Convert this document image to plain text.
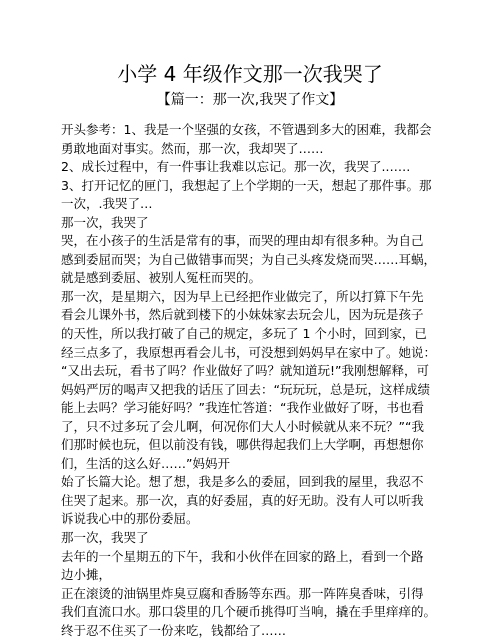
小学 4 年级作文那一次我哭了
【篇一：那一次,我哭了作文】
开头参考：1、我是一个坚强的女孩，不管遇到多大的困难，我都会
勇敢地面对事实。然而，那一次，我却哭了……
2、成长过程中，有一件事让我难以忘记。那一次，我哭了.……
3、打开记忆的匣门，我想起了上个学期的一天，想起了那件事。那
一次，.我哭了…
那一次，我哭了
哭，在小孩子的生活是常有的事，而哭的理由却有很多种。为自己
感到委屈而哭；为自己做错事而哭；为自己头疼发烧而哭……耳蜗，
就是感到委屈、被别人冤枉而哭的。
那一次，是星期六，因为早上已经把作业做完了，所以打算下午先
看会儿课外书，然后就到楼下的小妹妹家去玩会儿，因为玩是孩子
的天性，所以我打破了自己的规定，多玩了 1 个小时，回到家，已
经三点多了，我原想再看会儿书，可没想到妈妈早在家中了。她说：
“又出去玩，看书了吗？作业做好了吗？就知道玩!”我刚想解释，可
妈妈严厉的喝声又把我的话压了回去：“玩玩玩，总是玩，这样成绩
能上去吗？学习能好吗？”我连忙答道：“我作业做好了呀，书也看
了，只不过多玩了会儿啊，何况你们大人小时候就从来不玩？”“我
们那时候也玩，但以前没有钱，哪供得起我们上大学啊，再想想你
们，生活的这么好……”妈妈开
始了长篇大论。想了想，我是多么的委屈，回到我的屋里，我忍不
住哭了起来。那一次，真的好委屈，真的好无助。没有人可以听我
诉说我心中的那份委屈。
那一次，我哭了
去年的一个星期五的下午，我和小伙伴在回家的路上，看到一个路
边小摊，
正在滚烫的油锅里炸臭豆腐和香肠等东西。那一阵阵臭香味，引得
我们直流口水。那口袋里的几个硬币挑得叮当响，撬在手里痒痒的。
终于忍不住买了一份来吃，钱都给了……
